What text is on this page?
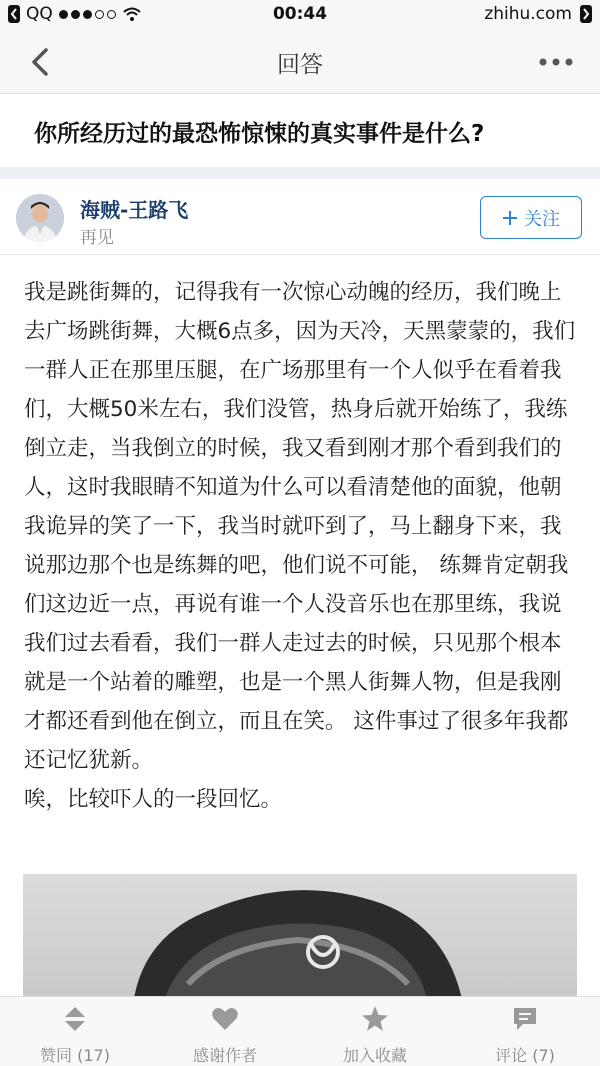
QQ	00:44	zhihu.com
回答
你所经历过的最恐怖惊悚的真实事件是什么?
海贼-王路飞
再见
关注

我是跳街舞的，记得我有一次惊心动魄的经历，我们晚上去广场跳街舞，大概6点多，因为天冷，天黑蒙蒙的，我们一群人正在那里压腿，在广场那里有一个人似乎在看着我们，大概50米左右，我们没管，热身后就开始练了，我练倒立走，当我倒立的时候，我又看到刚才那个看到我们的人，这时我眼睛不知道为什么可以看清楚他的面貌，他朝我诡异的笑了一下，我当时就吓到了，马上翻身下来，我说那边那个也是练舞的吧，他们说不可能， 练舞肯定朝我们这边近一点，再说有谁一个人没音乐也在那里练，我说我们过去看看，我们一群人走过去的时候，只见那个根本就是一个站着的雕塑，也是一个黑人街舞人物，但是我刚才都还看到他在倒立，而且在笑。 这件事过了很多年我都还记忆犹新。

唉，比较吓人的一段回忆。

赞同 (17)	感谢作者	加入收藏	评论 (7)
